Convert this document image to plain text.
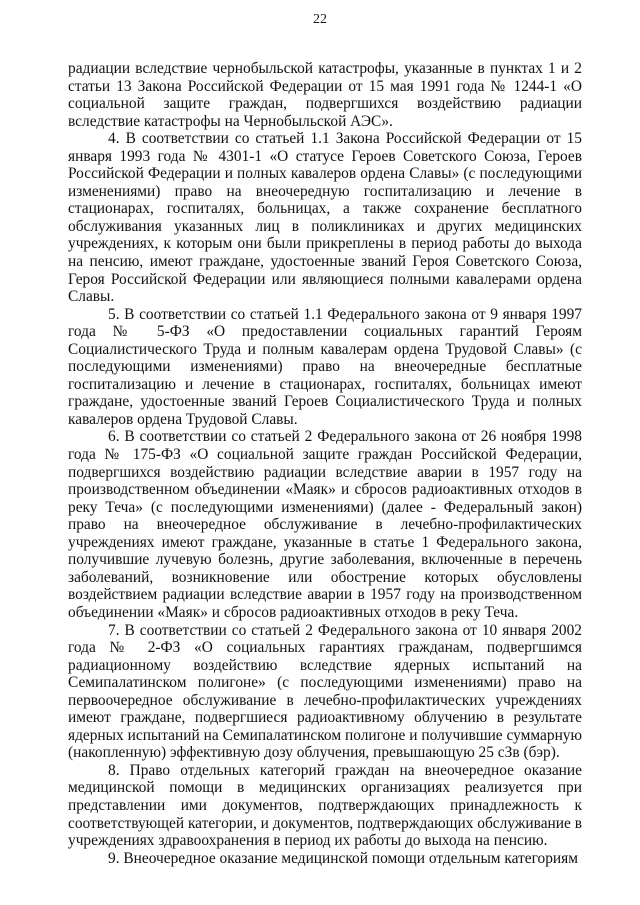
22

радиации вследствие чернобыльской катастрофы, указанные в пунктах 1 и 2 статьи 13 Закона Российской Федерации от 15 мая 1991 года № 1244-1 «О социальной защите граждан, подвергшихся воздействию радиации вследствие катастрофы на Чернобыльской АЭС».

4. В соответствии со статьей 1.1 Закона Российской Федерации от 15 января 1993 года № 4301-1 «О статусе Героев Советского Союза, Героев Российской Федерации и полных кавалеров ордена Славы» (с последующими изменениями) право на внеочередную госпитализацию и лечение в стационарах, госпиталях, больницах, а также сохранение бесплатного обслуживания указанных лиц в поликлиниках и других медицинских учреждениях, к которым они были прикреплены в период работы до выхода на пенсию, имеют граждане, удостоенные званий Героя Советского Союза, Героя Российской Федерации или являющиеся полными кавалерами ордена Славы.

5. В соответствии со статьей 1.1 Федерального закона от 9 января 1997 года № 5-ФЗ «О предоставлении социальных гарантий Героям Социалистического Труда и полным кавалерам ордена Трудовой Славы» (с последующими изменениями) право на внеочередные бесплатные госпитализацию и лечение в стационарах, госпиталях, больницах имеют граждане, удостоенные званий Героев Социалистического Труда и полных кавалеров ордена Трудовой Славы.

6. В соответствии со статьей 2 Федерального закона от 26 ноября 1998 года № 175-ФЗ «О социальной защите граждан Российской Федерации, подвергшихся воздействию радиации вследствие аварии в 1957 году на производственном объединении «Маяк» и сбросов радиоактивных отходов в реку Теча» (с последующими изменениями) (далее - Федеральный закон) право на внеочередное обслуживание в лечебно-профилактических учреждениях имеют граждане, указанные в статье 1 Федерального закона, получившие лучевую болезнь, другие заболевания, включенные в перечень заболеваний, возникновение или обострение которых обусловлены воздействием радиации вследствие аварии в 1957 году на производственном объединении «Маяк» и сбросов радиоактивных отходов в реку Теча.

7. В соответствии со статьей 2 Федерального закона от 10 января 2002 года № 2-ФЗ «О социальных гарантиях гражданам, подвергшимся радиационному воздействию вследствие ядерных испытаний на Семипалатинском полигоне» (с последующими изменениями) право на первоочередное обслуживание в лечебно-профилактических учреждениях имеют граждане, подвергшиеся радиоактивному облучению в результате ядерных испытаний на Семипалатинском полигоне и получившие суммарную (накопленную) эффективную дозу облучения, превышающую 25 сЗв (бэр).

8. Право отдельных категорий граждан на внеочередное оказание медицинской помощи в медицинских организациях реализуется при представлении ими документов, подтверждающих принадлежность к соответствующей категории, и документов, подтверждающих обслуживание в учреждениях здравоохранения в период их работы до выхода на пенсию.

9. Внеочередное оказание медицинской помощи отдельным категориям
